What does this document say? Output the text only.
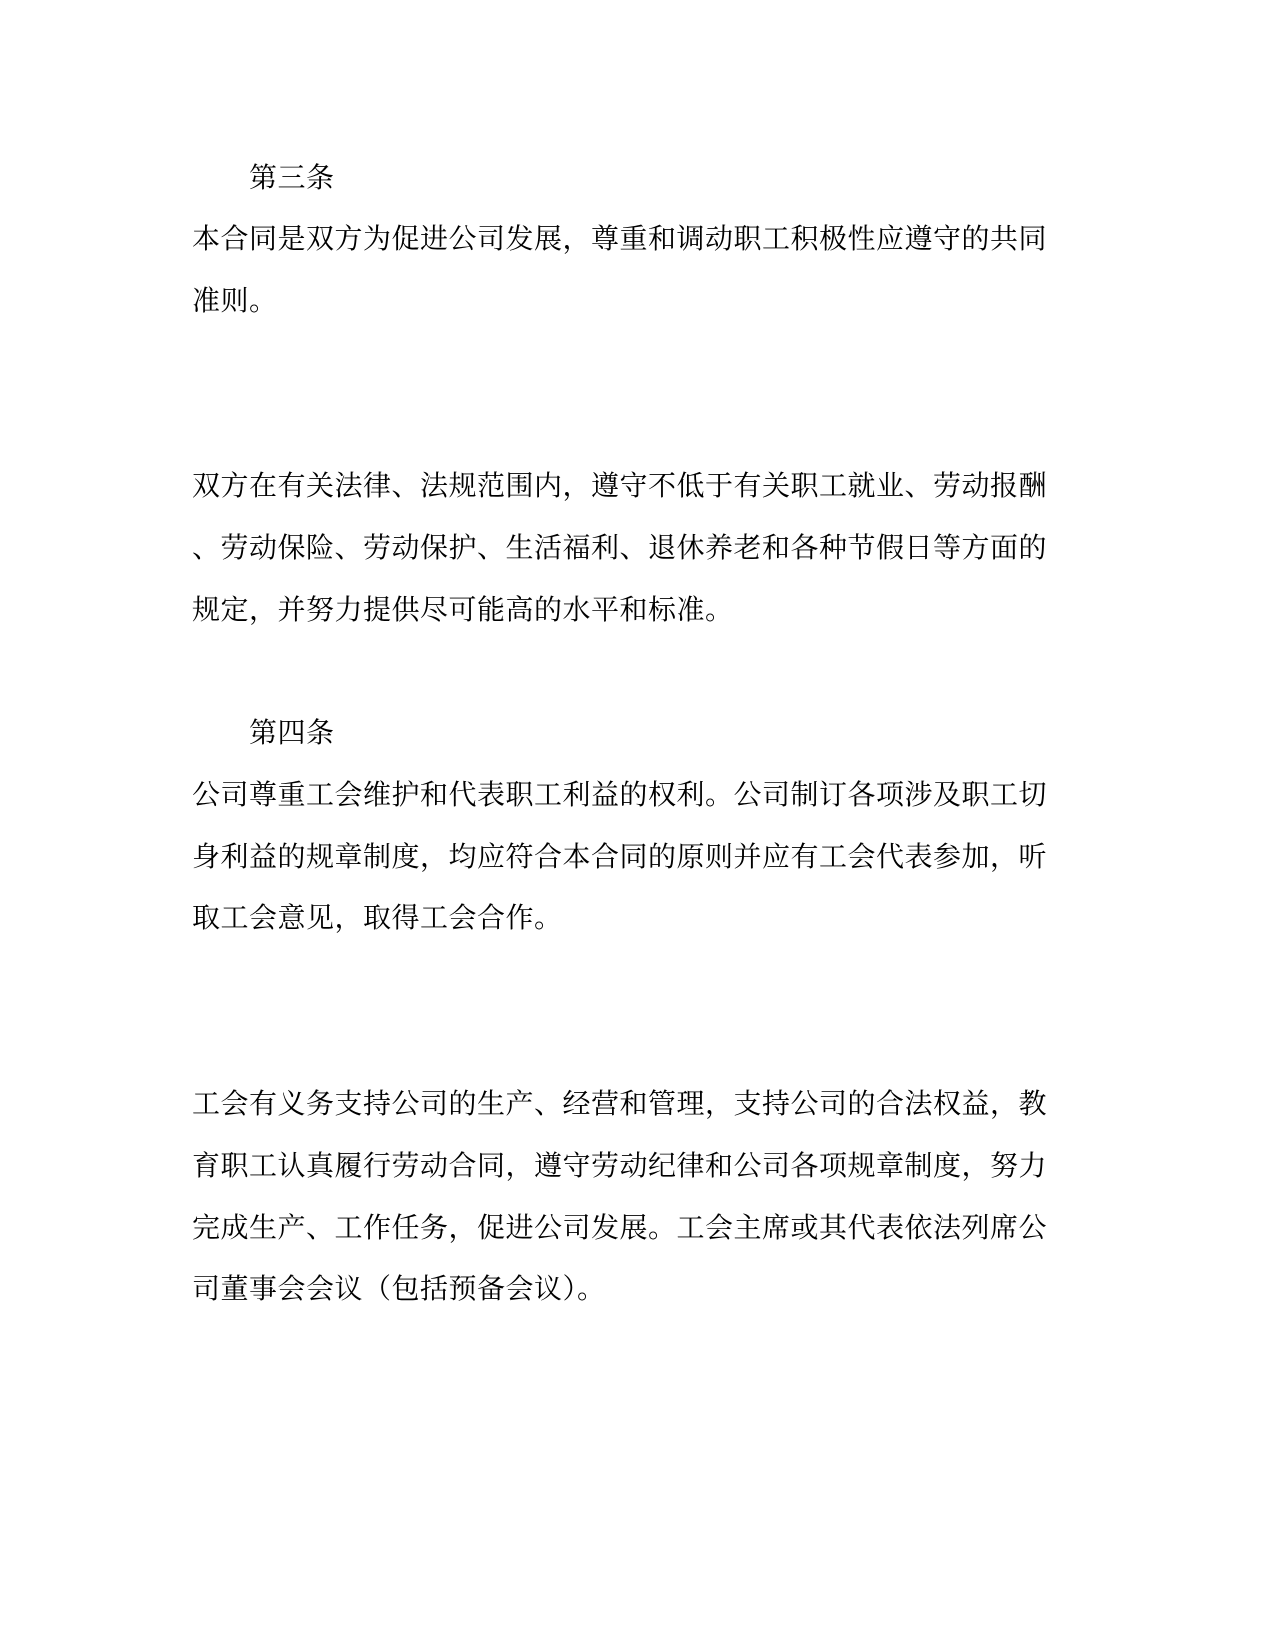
第三条
本合同是双方为促进公司发展，尊重和调动职工积极性应遵守的共同
准则。
双方在有关法律、法规范围内，遵守不低于有关职工就业、劳动报酬
、劳动保险、劳动保护、生活福利、退休养老和各种节假日等方面的
规定，并努力提供尽可能高的水平和标准。
第四条
公司尊重工会维护和代表职工利益的权利。公司制订各项涉及职工切
身利益的规章制度，均应符合本合同的原则并应有工会代表参加，听
取工会意见，取得工会合作。
工会有义务支持公司的生产、经营和管理，支持公司的合法权益，教
育职工认真履行劳动合同，遵守劳动纪律和公司各项规章制度，努力
完成生产、工作任务，促进公司发展。工会主席或其代表依法列席公
司董事会会议（包括预备会议）。
